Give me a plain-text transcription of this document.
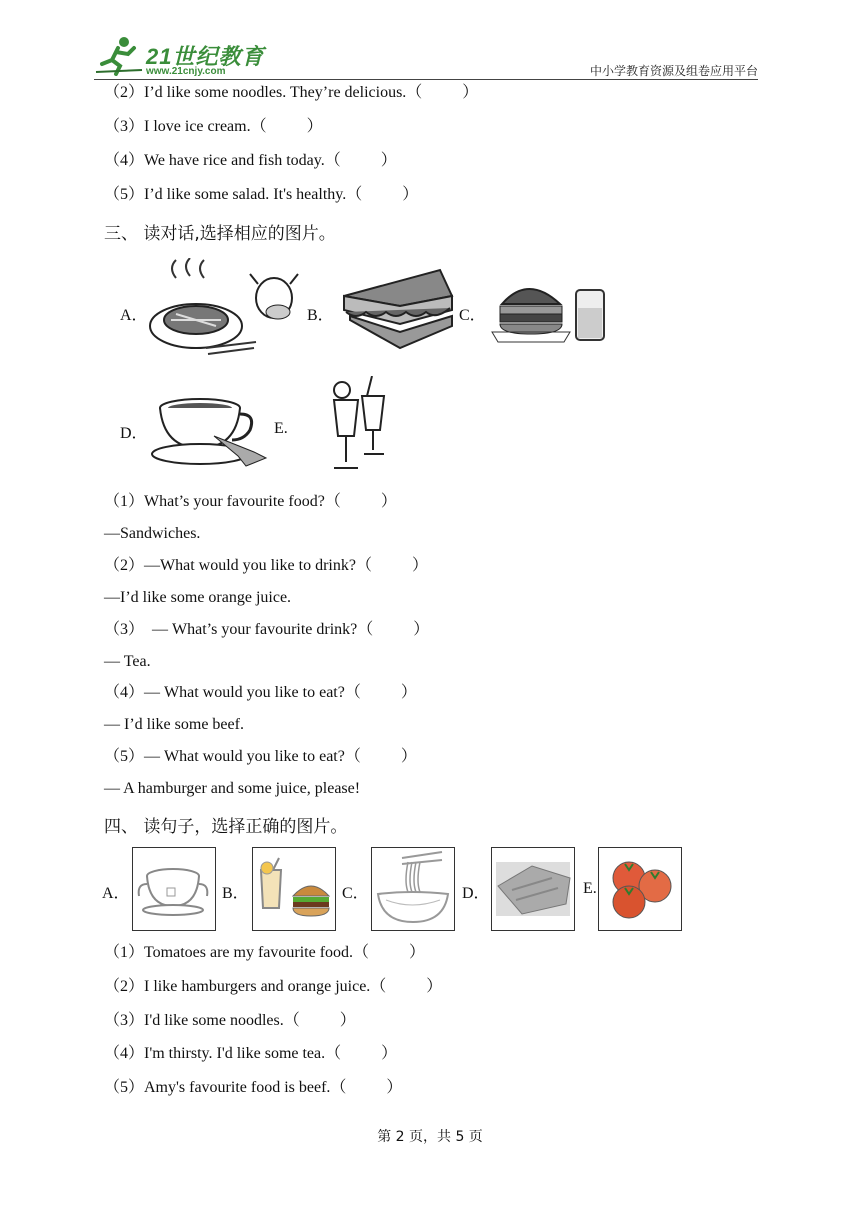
21世纪教育
www.21cnjy.com	中小学教育资源及组卷应用平台
（2）I’d like some noodles. They’re delicious.（          ）
（3）I love ice cream.（          ）
（4）We have rice and fish today.（          ）
（5）I’d like some salad. It's healthy.（          ）
三、 读对话,选择相应的图片。
A．	B．	C．
D．	E.
（1）What’s your favourite food?（          ）
—Sandwiches.
（2）—What would you like to drink?（          ）
—I’d like some orange juice.
（3）  — What’s your favourite drink?（          ）
— Tea.
（4）— What would you like to eat?（          ）
— I’d like some beef.
（5）— What would you like to eat?（          ）
— A hamburger and some juice, please!
四、 读句子，选择正确的图片。
A．	B．	C．	D．	E.
（1）Tomatoes are my favourite food.（          ）
（2）I like hamburgers and orange juice.（          ）
（3）I'd like some noodles.（          ）
（4）I'm thirsty. I'd like some tea.（          ）
（5）Amy's favourite food is beef.（          ）
第 2 页，共 5 页
